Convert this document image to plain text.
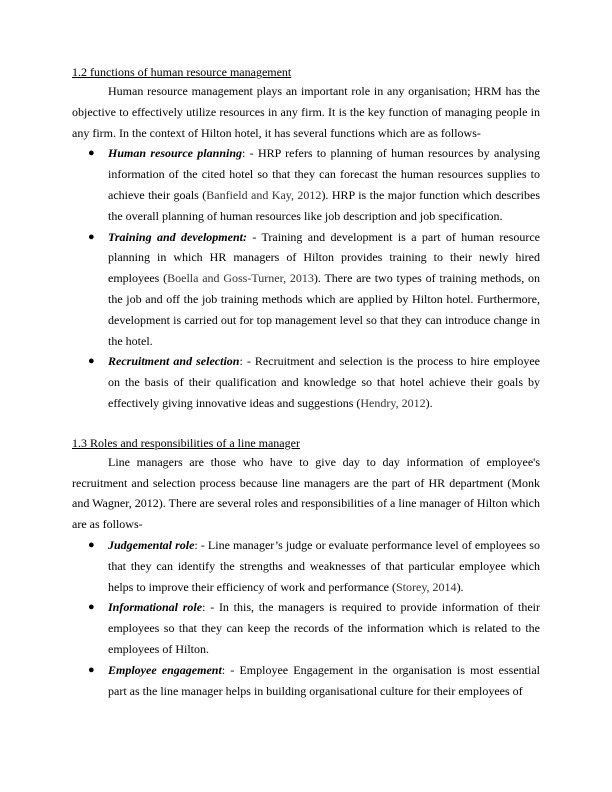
1.2 functions of human resource management

Human resource management plays an important role in any organisation; HRM has the objective to effectively utilize resources in any firm. It is the key function of managing people in any firm. In the context of Hilton hotel, it has several functions which are as follows-

● Human resource planning: - HRP refers to planning of human resources by analysing information of the cited hotel so that they can forecast the human resources supplies to achieve their goals (Banfield and Kay, 2012). HRP is the major function which describes the overall planning of human resources like job description and job specification.
● Training and development: - Training and development is a part of human resource planning in which HR managers of Hilton provides training to their newly hired employees (Boella and Goss-Turner, 2013). There are two types of training methods, on the job and off the job training methods which are applied by Hilton hotel. Furthermore, development is carried out for top management level so that they can introduce change in the hotel.
● Recruitment and selection: - Recruitment and selection is the process to hire employee on the basis of their qualification and knowledge so that hotel achieve their goals by effectively giving innovative ideas and suggestions (Hendry, 2012).
1.3 Roles and responsibilities of a line manager

Line managers are those who have to give day to day information of employee's recruitment and selection process because line managers are the part of HR department (Monk and Wagner, 2012). There are several roles and responsibilities of a line manager of Hilton which are as follows-

● Judgemental role: - Line manager’s judge or evaluate performance level of employees so that they can identify the strengths and weaknesses of that particular employee which helps to improve their efficiency of work and performance (Storey, 2014).
● Informational role: - In this, the managers is required to provide information of their employees so that they can keep the records of the information which is related to the employees of Hilton.
● Employee engagement: - Employee Engagement in the organisation is most essential part as the line manager helps in building organisational culture for their employees of
